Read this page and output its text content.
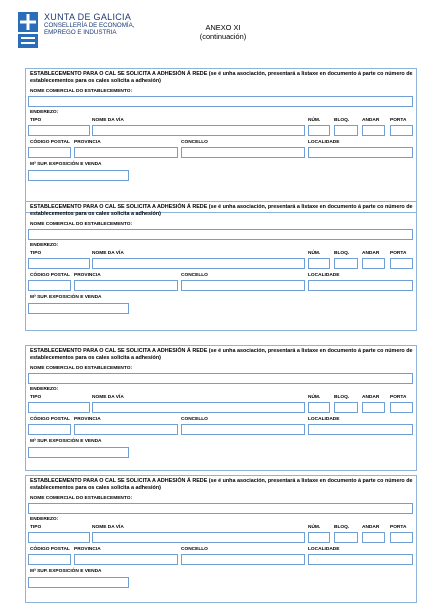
XUNTA DE GALICIA
CONSELLERÍA DE ECONOMÍA,
EMPREGO E INDUSTRIA
ANEXO XI
(continuación)
ESTABLECEMENTO PARA O CAL SE SOLICITA A ADHESIÓN Á REDE (se é unha asociación, presentará a listaxe en documento á parte co número de establecementos para os cales solicita a adhesión)
NOME COMERCIAL DO ESTABLECEMENTO:
ENDEREZO:
TIPO	NOME DA VÍA	NÚM.	BLOQ.	ANDAR PORTA
CÓDIGO POSTAL PROVINCIA	CONCELLO	LOCALIDADE
Mª SUP. EXPOSICIÓN E VENDA
ESTABLECEMENTO PARA O CAL SE SOLICITA A ADHESIÓN Á REDE (se é unha asociación, presentará a listaxe en documento á parte co número de establecementos para os cales solicita a adhesión)
NOME COMERCIAL DO ESTABLECEMENTO:
ENDEREZO:
TIPO	NOME DA VÍA	NÚM.	BLOQ.	ANDAR PORTA
CÓDIGO POSTAL PROVINCIA	CONCELLO	LOCALIDADE
Mª SUP. EXPOSICIÓN E VENDA
ESTABLECEMENTO PARA O CAL SE SOLICITA A ADHESIÓN Á REDE (se é unha asociación, presentará a listaxe en documento á parte co número de establecementos para os cales solicita a adhesión)
NOME COMERCIAL DO ESTABLECEMENTO:
ENDEREZO:
TIPO	NOME DA VÍA	NÚM.	BLOQ.	ANDAR PORTA
CÓDIGO POSTAL PROVINCIA	CONCELLO	LOCALIDADE
Mª SUP. EXPOSICIÓN E VENDA
ESTABLECEMENTO PARA O CAL SE SOLICITA A ADHESIÓN Á REDE (se é unha asociación, presentará a listaxe en documento á parte co número de establecementos para os cales solicita a adhesión)
NOME COMERCIAL DO ESTABLECEMENTO:
ENDEREZO:
TIPO	NOME DA VÍA	NÚM.	BLOQ.	ANDAR PORTA
CÓDIGO POSTAL PROVINCIA	CONCELLO	LOCALIDADE
Mª SUP. EXPOSICIÓN E VENDA
